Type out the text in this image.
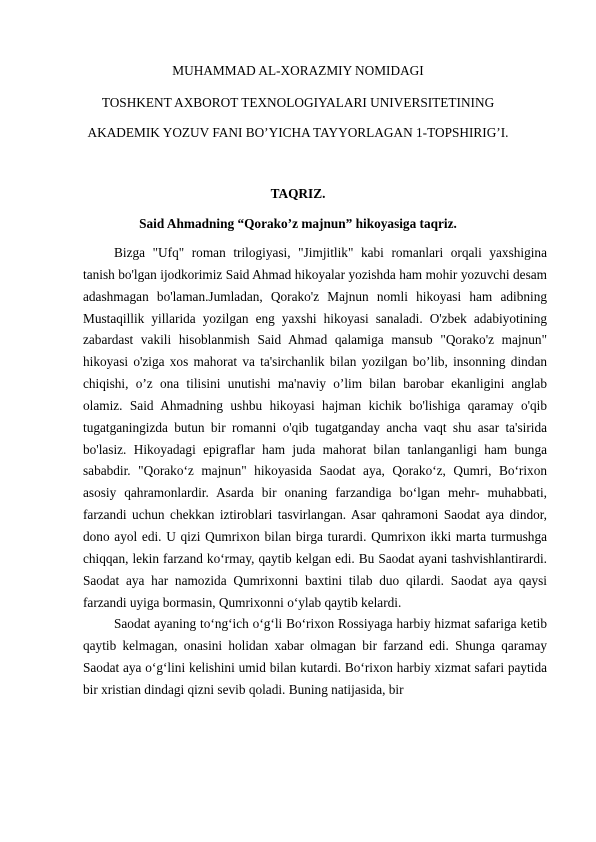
MUHAMMAD AL-XORAZMIY NOMIDAGI
TOSHKENT AXBOROT TEXNOLOGIYALARI UNIVERSITETINING
AKADEMIK YOZUV FANI BO’YICHA TAYYORLAGAN 1-TOPSHIRIG’I.
TAQRIZ.
Said Ahmadning “Qorako’z majnun” hikoyasiga taqriz.

Bizga "Ufq" roman trilogiyasi, "Jimjitlik" kabi romanlari orqali yaxshigina tanish bo'lgan ijodkorimiz Said Ahmad hikoyalar yozishda ham mohir yozuvchi desam adashmagan bo'laman.Jumladan, Qorako'z Majnun nomli hikoyasi ham adibning Mustaqillik yillarida yozilgan eng yaxshi hikoyasi sanaladi. O'zbek adabiyotining zabardast vakili hisoblanmish Said Ahmad qalamiga mansub "Qorako'z majnun" hikoyasi o'ziga xos mahorat va ta'sirchanlik bilan yozilgan bo’lib, insonning dindan chiqishi, o’z ona tilisini unutishi ma'naviy o’lim bilan barobar ekanligini anglab olamiz. Said Ahmadning ushbu hikoyasi hajman kichik bo'lishiga qaramay o'qib tugatganingizda butun bir romanni o'qib tugatganday ancha vaqt shu asar ta'sirida bo'lasiz. Hikoyadagi epigraflar ham juda mahorat bilan tanlanganligi ham bunga sababdir. "Qorako‘z majnun" hikoyasida Saodat aya, Qorako‘z, Qumri, Bo‘rixon asosiy qahramonlardir. Asarda bir onaning farzandiga bo‘lgan mehr- muhabbati, farzandi uchun chekkan iztiroblari tasvirlangan. Asar qahramoni Saodat aya dindor, dono ayol edi. U qizi Qumrixon bilan birga turardi. Qumrixon ikki marta turmushga chiqqan, lekin farzand ko‘rmay, qaytib kelgan edi. Bu Saodat ayani tashvishlantirardi. Saodat aya har namozida Qumrixonni baxtini tilab duo qilardi. Saodat aya qaysi farzandi uyiga bormasin, Qumrixonni o‘ylab qaytib kelardi.

Saodat ayaning to‘ng‘ich o‘g‘li Bo‘rixon Rossiyaga harbiy hizmat safariga ketib qaytib kelmagan, onasini holidan xabar olmagan bir farzand edi. Shunga qaramay Saodat aya o‘g‘lini kelishini umid bilan kutardi. Bo‘rixon harbiy xizmat safari paytida bir xristian dindagi qizni sevib qoladi. Buning natijasida, bir
